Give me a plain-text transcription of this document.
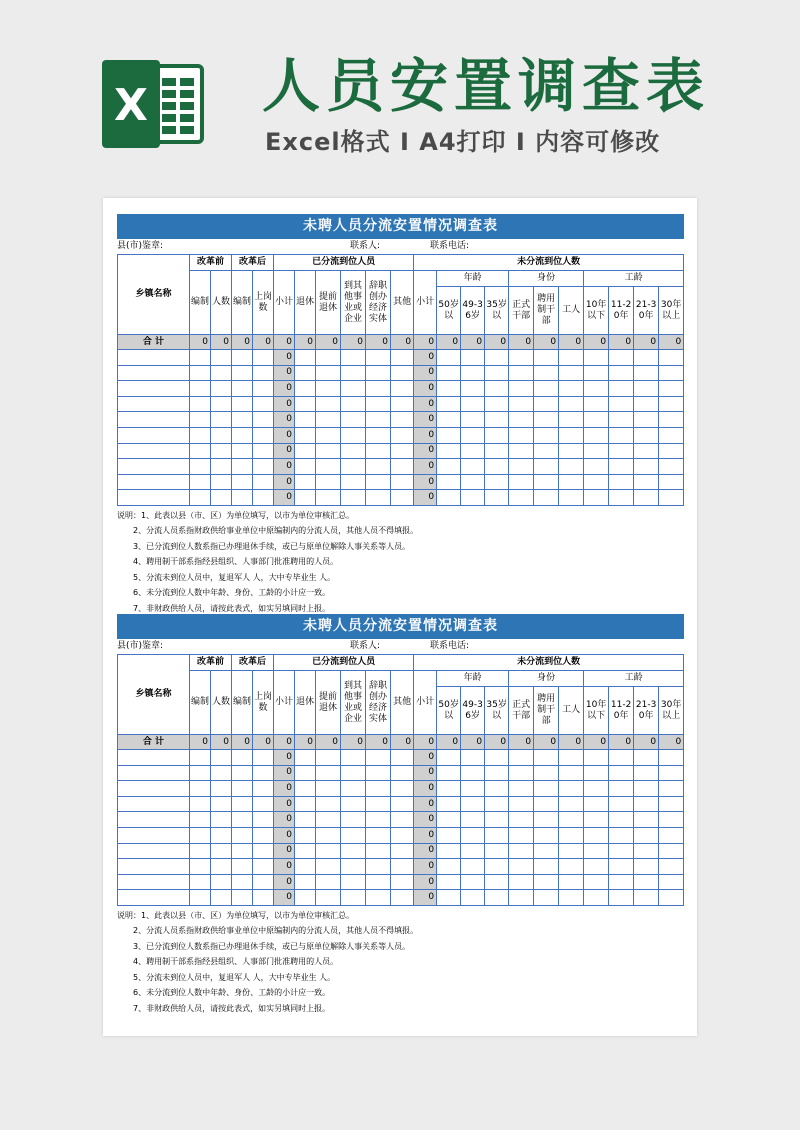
X 人员安置调查表
Excel格式 I A4打印 I 内容可修改
未聘人员分流安置情况调查表
县(市)鉴章:	联系人:	联系电话:
乡镇名称	改革前		改革后		已分流到位人员						未分流到位人数										
	编制	人数	编制	上岗数	小计	退休	提前退休	到其他事业或企业	辞职创办经济实体	其他	小计	年龄			身份			工龄			
												50岁以	49-36岁	35岁以	正式干部	聘用制干部	工人	10年以下	11-20年	21-30年	30年以上
合 计	0	0	0	0	0	0	0	0	0	0	0	0	0	0	0	0	0	0	0	0	0
					0						0										
					0						0										
					0						0										
					0						0										
					0						0										
					0						0										
					0						0										
					0						0										
					0						0										
					0						0										
说明：1、此表以县（市、区）为单位填写，以市为单位审核汇总。
2、分流人员系指财政供给事业单位中原编制内的分流人员，其他人员不得填报。
3、已分流到位人数系指已办理退休手续，或已与原单位解除人事关系等人员。
4、聘用制干部系指经县组织、人事部门批准聘用的人员。
5、分流未到位人员中，复退军人 人，大中专毕业生 人。
6、未分流到位人数中年龄、身份、工龄的小计应一致。
7、非财政供给人员，请按此表式，如实另填同时上报。
未聘人员分流安置情况调查表
县(市)鉴章:	联系人:	联系电话:
乡镇名称	改革前		改革后		已分流到位人员						未分流到位人数										
	编制	人数	编制	上岗数	小计	退休	提前退休	到其他事业或企业	辞职创办经济实体	其他	小计	年龄			身份			工龄			
												50岁以	49-36岁	35岁以	正式干部	聘用制干部	工人	10年以下	11-20年	21-30年	30年以上
合 计	0	0	0	0	0	0	0	0	0	0	0	0	0	0	0	0	0	0	0	0	0
					0						0										
					0						0										
					0						0										
					0						0										
					0						0										
					0						0										
					0						0										
					0						0										
					0						0										
					0						0										
说明：1、此表以县（市、区）为单位填写，以市为单位审核汇总。
2、分流人员系指财政供给事业单位中原编制内的分流人员，其他人员不得填报。
3、已分流到位人数系指已办理退休手续，或已与原单位解除人事关系等人员。
4、聘用制干部系指经县组织、人事部门批准聘用的人员。
5、分流未到位人员中，复退军人 人，大中专毕业生 人。
6、未分流到位人数中年龄、身份、工龄的小计应一致。
7、非财政供给人员，请按此表式，如实另填同时上报。
